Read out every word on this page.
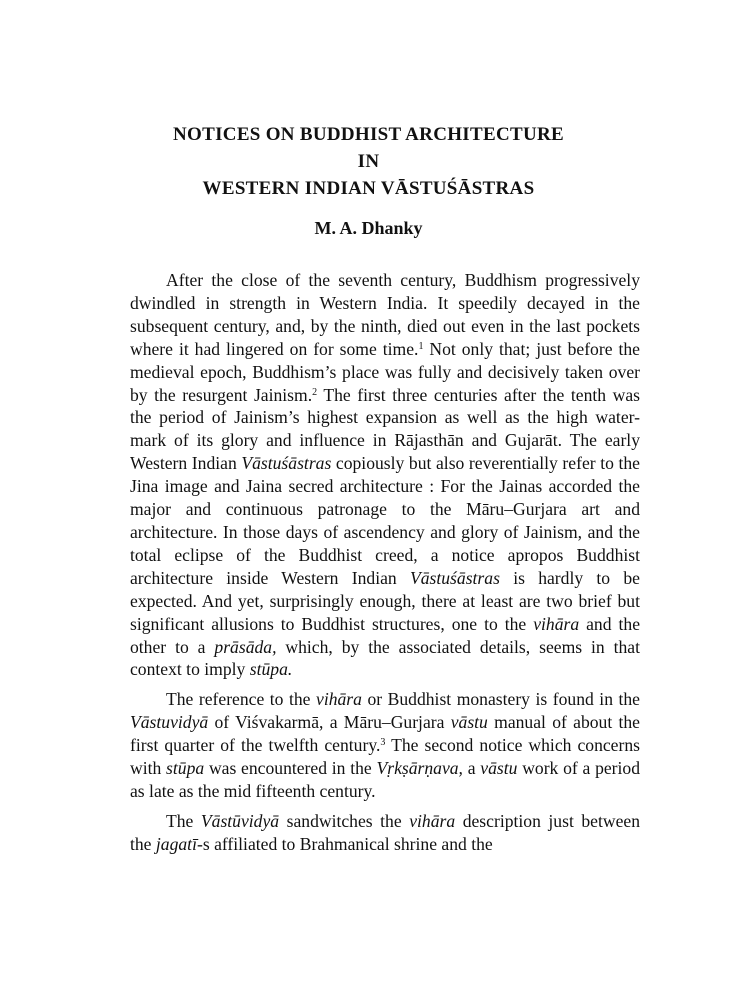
NOTICES ON BUDDHIST ARCHITECTURE
IN
WESTERN INDIAN VĀSTUŚĀSTRAS
M. A. Dhanky

After the close of the seventh century, Buddhism progressively dwindled in strength in Western India. It speedily decayed in the subsequent century, and, by the ninth, died out even in the last pockets where it had lingered on for some time.$^1$ Not only that; just before the medieval epoch, Buddhism’s place was fully and decisively taken over by the resurgent Jainism.$^2$ The first three centuries after the tenth was the period of Jainism’s highest expansion as well as the high water-mark of its glory and influence in Rājasthān and Gujarāt. The early Western Indian Vāstuśāstras copiously but also reverentially refer to the Jina image and Jaina secred architecture : For the Jainas accorded the major and continuous patronage to the Māru–Gurjara art and architecture. In those days of ascendency and glory of Jainism, and the total eclipse of the Buddhist creed, a notice apropos Buddhist architecture inside Western Indian Vāstuśāstras is hardly to be expected. And yet, surprisingly enough, there at least are two brief but significant allusions to Buddhist structures, one to the vihāra and the other to a prāsāda, which, by the associated details, seems in that context to imply stūpa.

The reference to the vihāra or Buddhist monastery is found in the Vāstuvidyā of Viśvakarmā, a Māru–Gurjara vāstu manual of about the first quarter of the twelfth century.$^3$ The second notice which concerns with stūpa was encountered in the Vṛkṣārṇava, a vāstu work of a period as late as the mid fifteenth century.

The Vāstūvidyā sandwitches the vihāra description just between the jagatī-s affiliated to Brahmanical shrine and the
